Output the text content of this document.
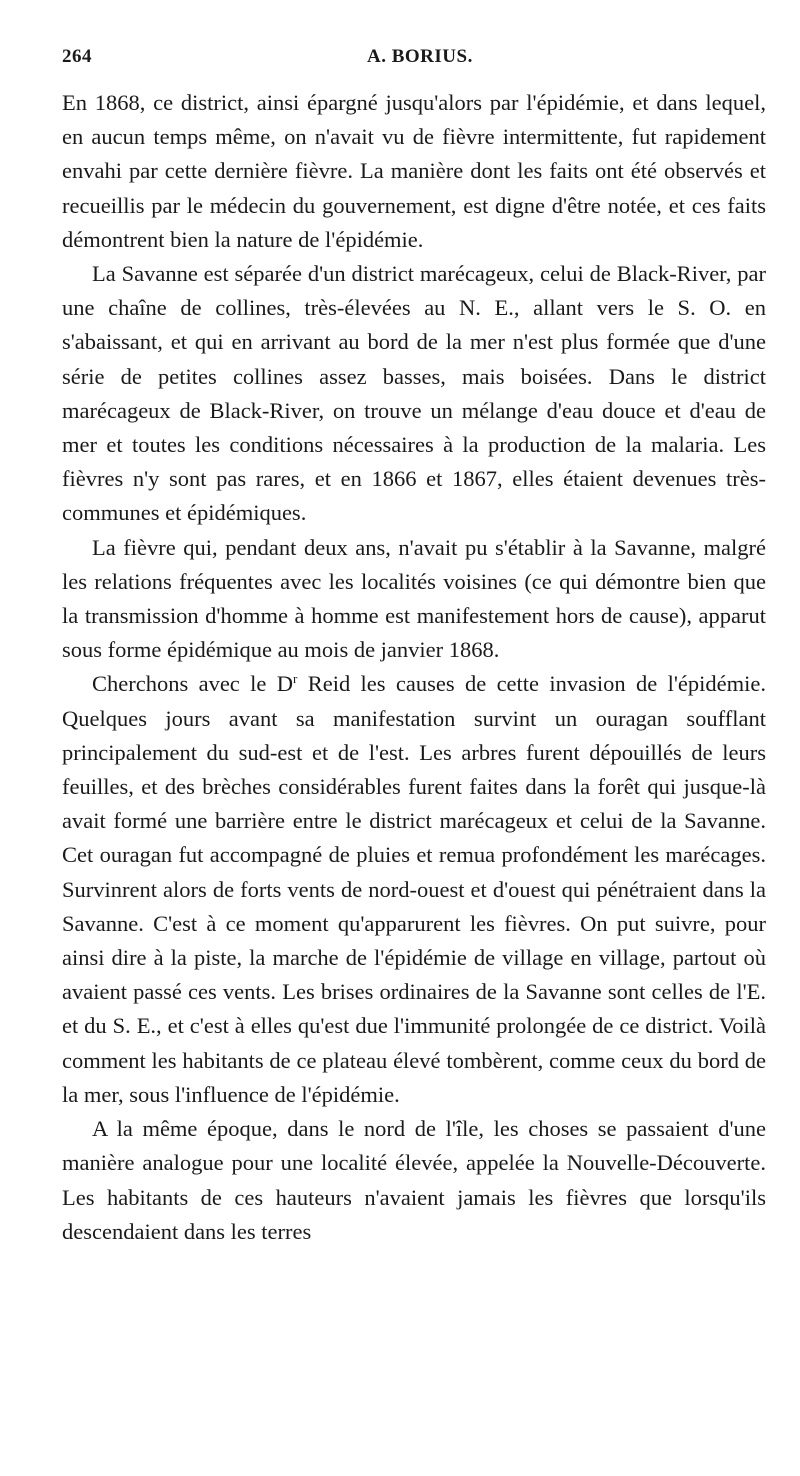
264	A. BORIUS.

En 1868, ce district, ainsi épargné jusqu'alors par l'épidémie, et dans lequel, en aucun temps même, on n'avait vu de fièvre intermittente, fut rapidement envahi par cette dernière fièvre. La manière dont les faits ont été observés et recueillis par le médecin du gouvernement, est digne d'être notée, et ces faits démontrent bien la nature de l'épidémie.

La Savanne est séparée d'un district marécageux, celui de Black-River, par une chaîne de collines, très-élevées au N. E., allant vers le S. O. en s'abaissant, et qui en arrivant au bord de la mer n'est plus formée que d'une série de petites collines assez basses, mais boisées. Dans le district marécageux de Black-River, on trouve un mélange d'eau douce et d'eau de mer et toutes les conditions nécessaires à la production de la malaria. Les fièvres n'y sont pas rares, et en 1866 et 1867, elles étaient devenues très-communes et épidémiques.

La fièvre qui, pendant deux ans, n'avait pu s'établir à la Savanne, malgré les relations fréquentes avec les localités voisines (ce qui démontre bien que la transmission d'homme à homme est manifestement hors de cause), apparut sous forme épidémique au mois de janvier 1868.

Cherchons avec le $D^r$ Reid les causes de cette invasion de l'épidémie. Quelques jours avant sa manifestation survint un ouragan soufflant principalement du sud-est et de l'est. Les arbres furent dépouillés de leurs feuilles, et des brèches considérables furent faites dans la forêt qui jusque-là avait formé une barrière entre le district marécageux et celui de la Savanne. Cet ouragan fut accompagné de pluies et remua profondément les marécages. Survinrent alors de forts vents de nord-ouest et d'ouest qui pénétraient dans la Savanne. C'est à ce moment qu'apparurent les fièvres. On put suivre, pour ainsi dire à la piste, la marche de l'épidémie de village en village, partout où avaient passé ces vents. Les brises ordinaires de la Savanne sont celles de l'E. et du S. E., et c'est à elles qu'est due l'immunité prolongée de ce district. Voilà comment les habitants de ce plateau élevé tombèrent, comme ceux du bord de la mer, sous l'influence de l'épidémie.

A la même époque, dans le nord de l'île, les choses se passaient d'une manière analogue pour une localité élevée, appelée la Nouvelle-Découverte. Les habitants de ces hauteurs n'avaient jamais les fièvres que lorsqu'ils descendaient dans les terres
